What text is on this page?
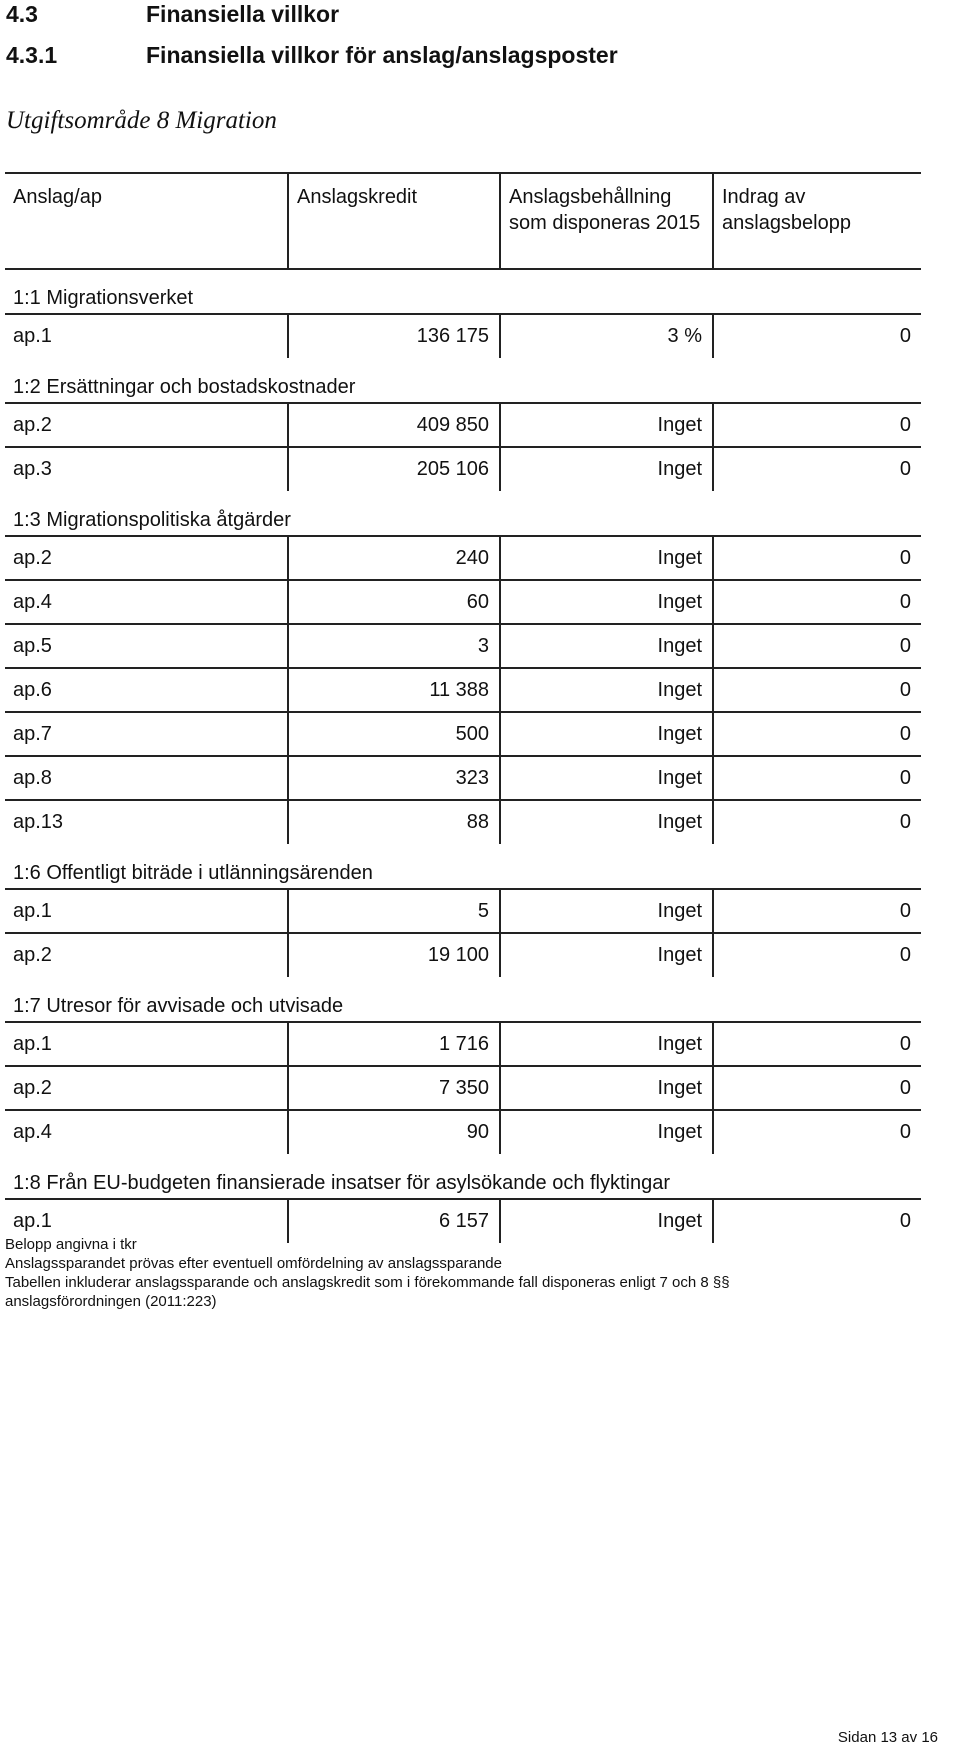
4.3	Finansiella villkor
4.3.1	Finansiella villkor för anslag/anslagsposter
Utgiftsområde 8 Migration
Anslag/ap	Anslagskredit	Anslagsbehållning som disponeras 2015	Indrag av anslagsbelopp
1:1 Migrationsverket			
ap.1	136 175	3 %	0
1:2 Ersättningar och bostadskostnader			
ap.2	409 850	Inget	0
ap.3	205 106	Inget	0
1:3 Migrationspolitiska åtgärder			
ap.2	240	Inget	0
ap.4	60	Inget	0
ap.5	3	Inget	0
ap.6	11 388	Inget	0
ap.7	500	Inget	0
ap.8	323	Inget	0
ap.13	88	Inget	0
1:6 Offentligt biträde i utlänningsärenden			
ap.1	5	Inget	0
ap.2	19 100	Inget	0
1:7 Utresor för avvisade och utvisade			
ap.1	1 716	Inget	0
ap.2	7 350	Inget	0
ap.4	90	Inget	0
1:8 Från EU-budgeten finansierade insatser för asylsökande och flyktingar			
ap.1	6 157	Inget	0
Belopp angivna i tkr
Anslagssparandet prövas efter eventuell omfördelning av anslagssparande
Tabellen inkluderar anslagssparande och anslagskredit som i förekommande fall disponeras enligt 7 och 8 §§
anslagsförordningen (2011:223)
Sidan 13 av 16
